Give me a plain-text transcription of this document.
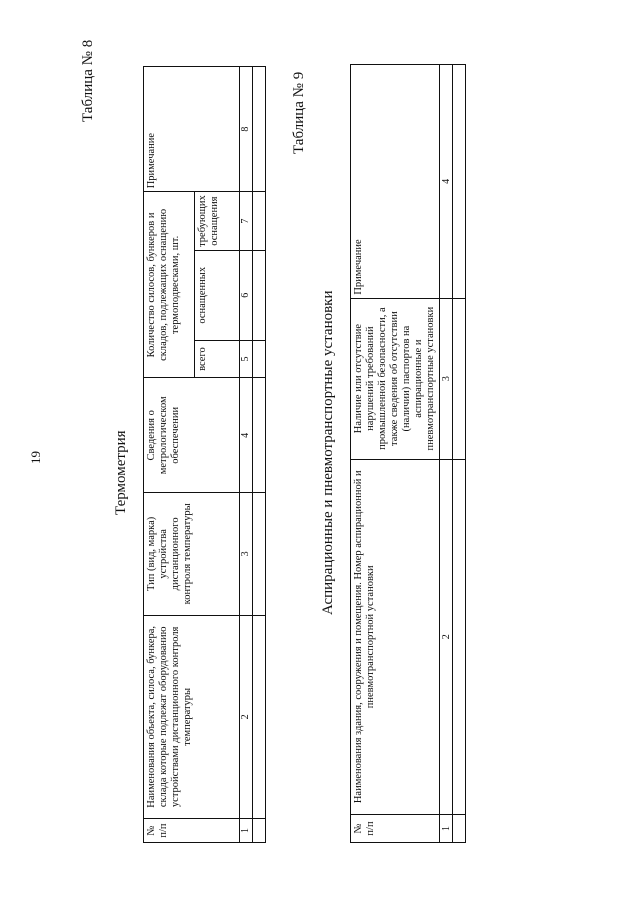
19
Таблица № 8
Термометрия
№ п/п	Наименования объекта, силоса, бункера, склада которые подлежат оборудованию устройствами дистанционного контроля температуры	Тип (вид, марка) устройства дистанционного контроля температуры	Сведения о метрологическом обеспечении	Количество силосов, бункеров и складов, подлежащих оснащению термоподвесками, шт.			Примечание
				всего	оснащенных	требующих оснащения	
1	2	3	4	5	6	7	8
								Таблица № 9
Аспирационные и пневмотранспортные установки
№ п/п	Наименования здания, сооружения и помещения. Номер аспирационной и пневмотранспортной установки	Наличие или отсутствие нарушений требований промышленной безопасности, а также сведения об отсутствии (наличии) паспортов на аспирационные и пневмотранспортные установки	Примечание
1	2	3	4
